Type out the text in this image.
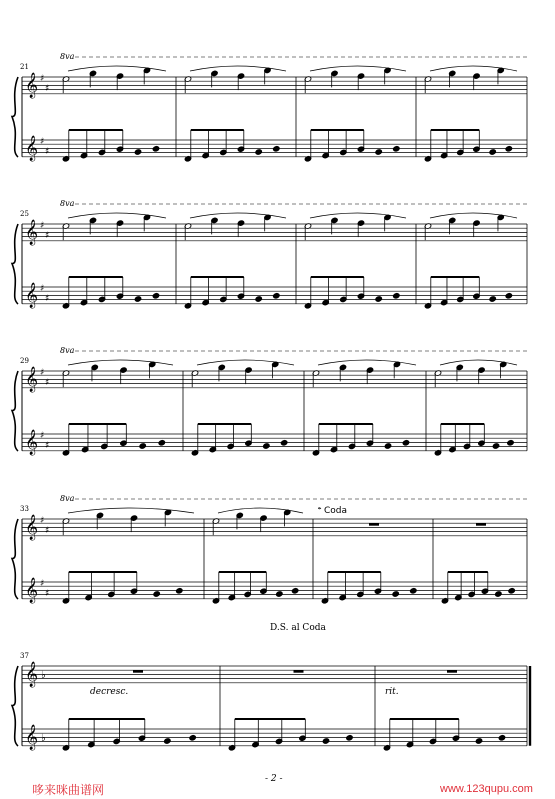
𝄞
𝄞
♯
♯
♯
♯
21
8va
𝄞
𝄞
♯
♯
♯
♯
25
8va
𝄞
𝄞
♯
♯
♯
♯
29
8va
𝄞
𝄞
♯
♯
♯
♯
33
8va
𝄞
𝄞
♭
♭
37
𝄌 Coda
D.S. al Coda
decresc.	rit.
- 2 -
哆来咪曲谱网	www.123qupu.com
